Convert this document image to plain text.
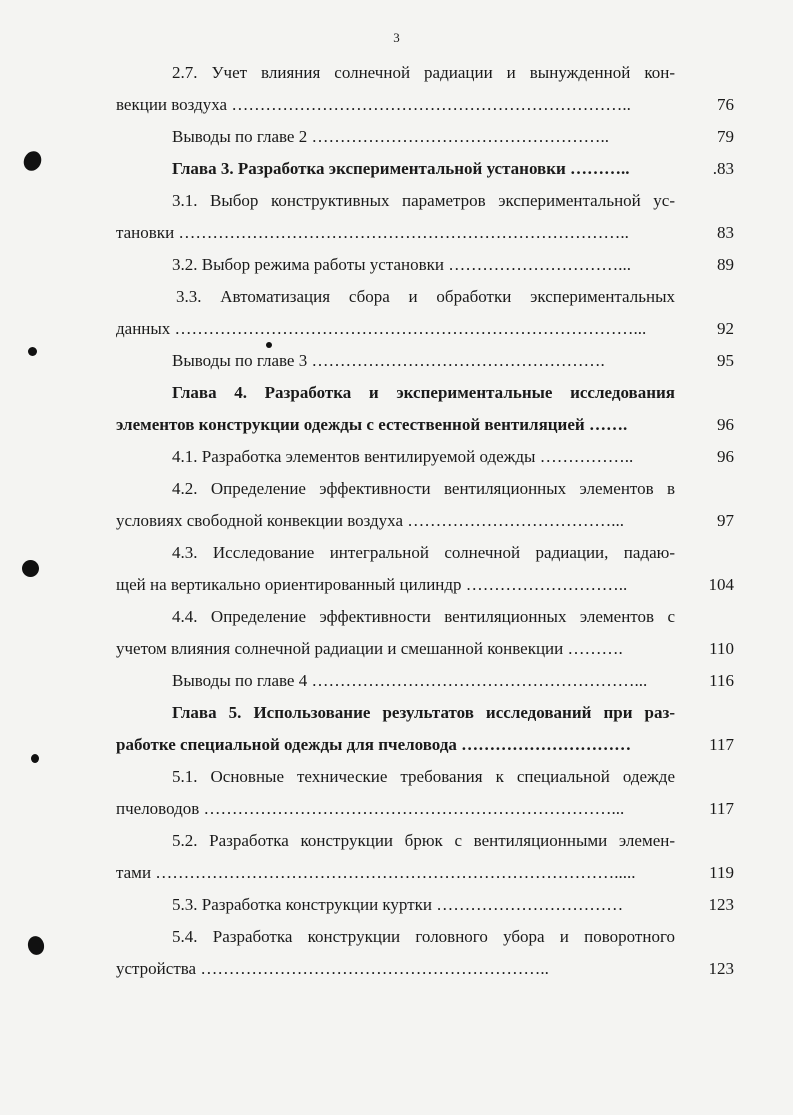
3
2.7. Учет влияния солнечной радиации и вынужденной кон-
векции воздуха ……………………………………………………………..	76
Выводы по главе 2 ……………………………………………..	79
Глава 3. Разработка экспериментальной установки ………..	.83
3.1. Выбор конструктивных параметров экспериментальной ус-
тановки ……………………………………………………………………..	83
3.2. Выбор режима работы установки …………………………...	89
3.3. Автоматизация сбора и обработки экспериментальных
данных ………………………………………………………………………...	92
Выводы по главе 3 …………………………………………….	95
Глава 4. Разработка и экспериментальные исследования
элементов конструкции одежды с естественной вентиляцией …….	96
4.1. Разработка элементов вентилируемой одежды ……………..	96
4.2. Определение эффективности вентиляционных элементов в
условиях свободной конвекции воздуха ………………………………...	97
4.3. Исследование интегральной солнечной радиации, падаю-
щей на вертикально ориентированный цилиндр ………………………..	104
4.4. Определение эффективности вентиляционных элементов с
учетом влияния солнечной радиации и смешанной конвекции ……….	110
Выводы по главе 4 …………………………………………………...	116
Глава 5. Использование результатов исследований при раз-
работке специальной одежды для пчеловода …………………………	117
5.1. Основные технические требования к специальной одежде
пчеловодов ………………………………………………………………...	117
5.2. Разработка конструкции брюк с вентиляционными элемен-
тами ……………………………………………………………………….....	119
5.3. Разработка конструкции куртки ……………………………	123
5.4. Разработка конструкции головного убора и поворотного
устройства ……………………………………………………..	123
